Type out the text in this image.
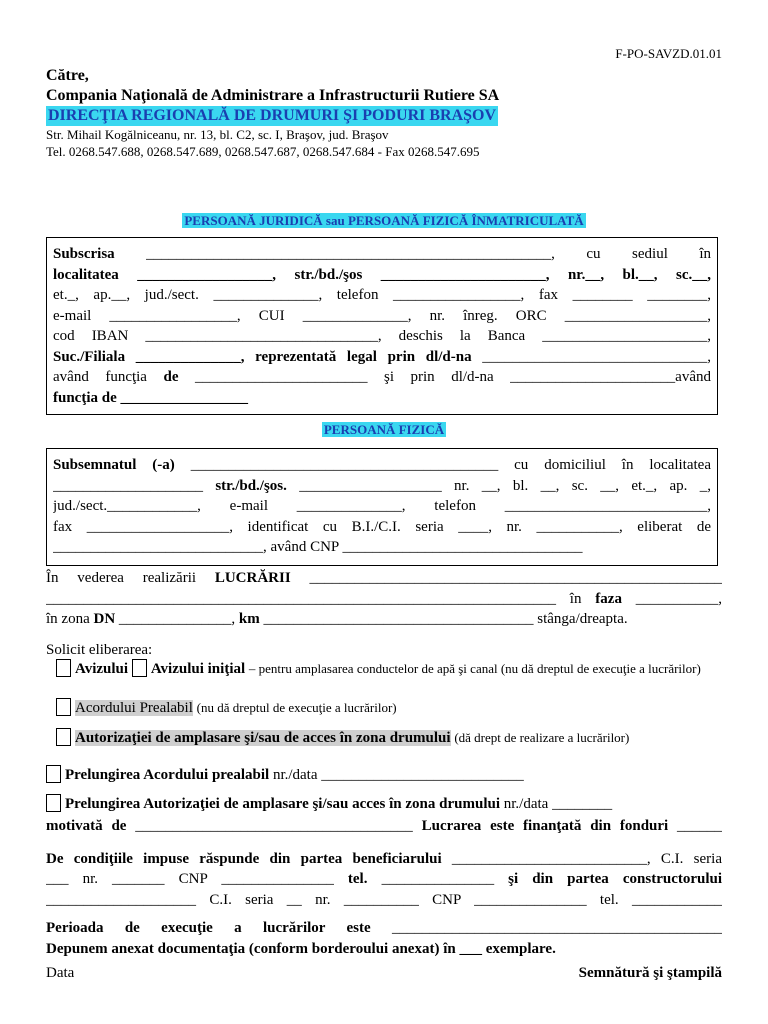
F-PO-SAVZD.01.01
Către,
Compania Naţională de Administrare a Infrastructurii Rutiere SA
DIRECŢIA REGIONALĂ DE DRUMURI ŞI PODURI BRAŞOV
Str. Mihail Kogălniceanu, nr. 13, bl. C2, sc. I, Braşov, jud. Braşov
Tel. 0268.547.688, 0268.547.689, 0268.547.687, 0268.547.684 - Fax 0268.547.695
PERSOANĂ JURIDICĂ sau PERSOANĂ FIZICĂ ÎNMATRICULATĂ
Subscrisa ______________________________________________________, cu sediul în
localitatea __________________, str./bd./şos ______________________, nr.__, bl.__, sc.__,
et._, ap.__, jud./sect. ______________, telefon _________________, fax ________ ________,
e-mail _________________, CUI ______________, nr. înreg. ORC ___________________,
cod IBAN _______________________________, deschis la Banca ______________________,
Suc./Filiala ______________, reprezentată legal prin dl/d-na ______________________________,
având funcţia de _______________________ şi prin dl/d-na ______________________având
funcţia de _________________
PERSOANĂ FIZICĂ
Subsemnatul (-a) _________________________________________ cu domiciliul în localitatea
____________________ str./bd./şos. ___________________ nr. __, bl. __, sc. __, et._, ap. _,
jud./sect.____________, e-mail ______________, telefon ___________________________,
fax ___________________, identificat cu B.I./C.I. seria ____, nr. ___________, eliberat de
____________________________, având CNP ________________________________
În vederea realizării LUCRĂRII _______________________________________________________
____________________________________________________________________ în faza ___________,
în zona DN _______________, km ____________________________________ stânga/dreapta.
Solicit eliberarea:
Avizului Avizului iniţial – pentru amplasarea conductelor de apă şi canal (nu dă dreptul de execuţie a lucrărilor)
Acordului Prealabil (nu dă dreptul de execuţie a lucrărilor)
Autorizaţiei de amplasare şi/sau de acces în zona drumului (dă drept de realizare a lucrărilor)
Prelungirea Acordului prealabil nr./data ___________________________
Prelungirea Autorizaţiei de amplasare şi/sau acces în zona drumului nr./data ________
motivată de _____________________________________ Lucrarea este finanţată din fonduri ______
De condiţiile impuse răspunde din partea beneficiarului __________________________, C.I. seria
___ nr. _______ CNP _______________ tel. _______________ şi din partea constructorului
____________________ C.I. seria __ nr. __________ CNP _______________ tel. ____________
Perioada de execuţie a lucrărilor este ____________________________________________
Depunem anexat documentaţia (conform borderoului anexat) în ___ exemplare.
Data	Semnătură şi ştampilă
